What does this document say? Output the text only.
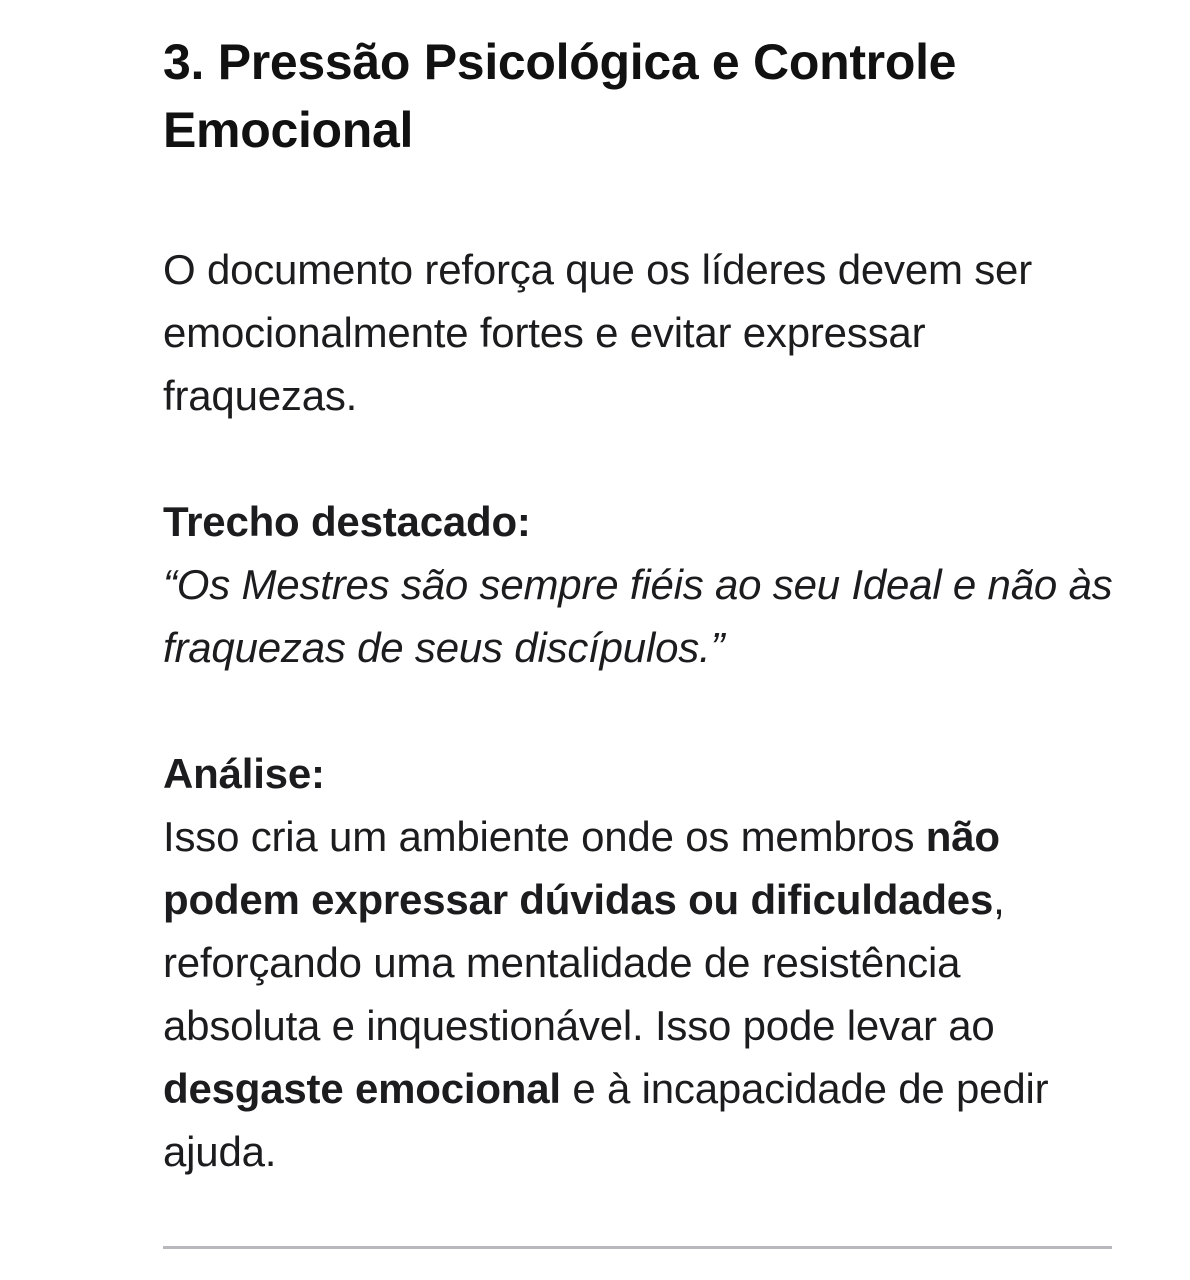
3. Pressão Psicológica e Controle Emocional

O documento reforça que os líderes devem ser emocionalmente fortes e evitar expressar fraquezas.

Trecho destacado:

“Os Mestres são sempre fiéis ao seu Ideal e não às fraquezas de seus discípulos.”

Análise:

Isso cria um ambiente onde os membros não podem expressar dúvidas ou dificuldades, reforçando uma mentalidade de resistência absoluta e inquestionável. Isso pode levar ao desgaste emocional e à incapacidade de pedir ajuda.
